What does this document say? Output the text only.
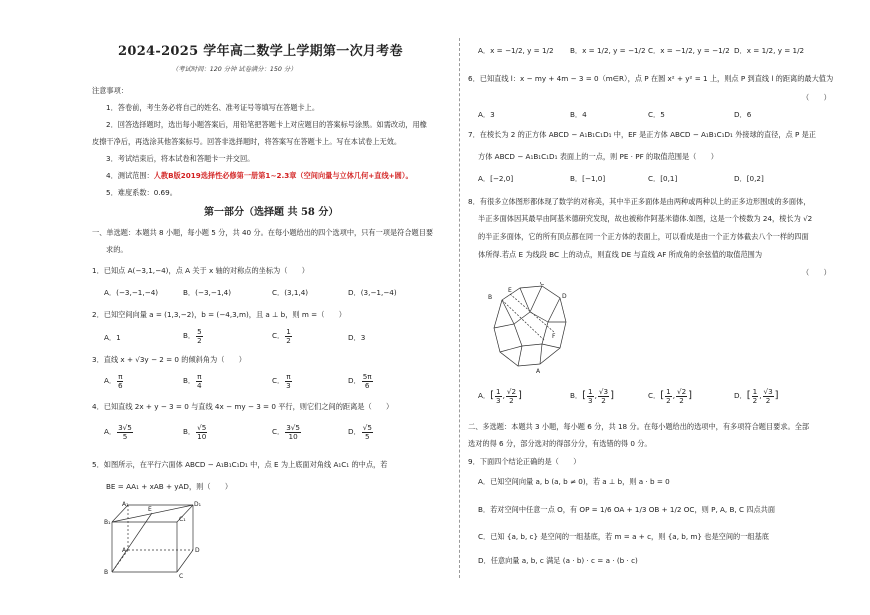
2024-2025 学年高二数学上学期第一次月考卷
（考试时间：120 分钟 试卷满分：150 分）
注意事项：
1．答卷前，考生务必将自己的姓名、准考证号等填写在答题卡上。
2．回答选择题时，选出每小题答案后，用铅笔把答题卡上对应题目的答案标号涂黑。如需改动，用橡
皮擦干净后，再选涂其他答案标号。回答非选择题时，将答案写在答题卡上。写在本试卷上无效。
3．考试结束后，将本试卷和答题卡一并交回。
4．测试范围：人教B版2019选择性必修第一册第1~2.3章（空间向量与立体几何+直线+圆）。
5．难度系数：0.69。
第一部分（选择题 共 58 分）
一、单选题：本题共 8 小题，每小题 5 分，共 40 分。在每小题给出的四个选项中，只有一项是符合题目要
求的。
1．已知点 A(−3,1,−4)，点 A 关于 x 轴的对称点的坐标为（　　）
A．(−3,−1,−4)	B．(−3,−1,4)	C．(3,1,4)	D．(3,−1,−4)
2．已知空间向量 a = (1,3,−2)，b = (−4,3,m)，且 a ⊥ b，则 m =（　　）
A．1	B． $\frac{5}{2}$	C． $\frac{1}{2}$	D．3
3．直线 x + √3y − 2 = 0 的倾斜角为（　　）
A． $\frac{\pi}{6}$	B． $\frac{\pi}{4}$	C． $\frac{\pi}{3}$	D． $\frac{5\pi}{6}$
4．已知直线 2x + y − 3 = 0 与直线 4x − my − 3 = 0 平行，则它们之间的距离是（　　）
A． $\frac{3√5}{5}$	B． $\frac{√5}{10}$	C． $\frac{3√5}{10}$	D． $\frac{√5}{5}$
5．如图所示，在平行六面体 ABCD − A₁B₁C₁D₁ 中，点 E 为上底面对角线 A₁C₁ 的中点，若
BE = AA₁ + xAB + yAD，则（　　）
D₁
A₁
E
C₁
B₁
D
A
B
C
A．x = −1/2, y = 1/2 B．x = 1/2, y = −1/2 C．x = −1/2, y = −1/2 D．x = 1/2, y = 1/2
6．已知直线 l：x − my + 4m − 3 = 0（m∈R），点 P 在圆 x² + y² = 1 上，则点 P 到直线 l 的距离的最大值为
（　　）
A．3	B．4	C．5	D．6
7．在棱长为 2 的正方体 ABCD − A₁B₁C₁D₁ 中，EF 是正方体 ABCD − A₁B₁C₁D₁ 外接球的直径，点 P 是正
方体 ABCD − A₁B₁C₁D₁ 表面上的一点，则 PE · PF 的取值范围是（　　）
A．[−2,0]	B．[−1,0]	C．[0,1]	D．[0,2]
8．有很多立体图形都体现了数学的对称美，其中半正多面体是由两种或两种以上的正多边形围成的多面体，
半正多面体因其最早由阿基米德研究发现，故也被称作阿基米德体.如图，这是一个棱数为 24，棱长为 √2
的半正多面体，它的所有顶点都在同一个正方体的表面上，可以看成是由一个正方体截去八个一样的四面
体所得.若点 E 为线段 BC 上的动点，则直线 DE 与直线 AF 所成角的余弦值的取值范围为
（　　）
B
E
C
D
F
A
A．[ $\frac{1}{3}$ , $\frac{√2}{2}$ ]	B．[ $\frac{1}{3}$ , $\frac{√3}{2}$ ]	C．[ $\frac{1}{2}$ , $\frac{√2}{2}$ ]	D．[ $\frac{1}{2}$ , $\frac{√3}{2}$ ]
二、多选题：本题共 3 小题，每小题 6 分，共 18 分。在每小题给出的选项中，有多项符合题目要求。全部
选对的得 6 分，部分选对的得部分分，有选错的得 0 分。
9．下面四个结论正确的是（　　）
A．已知空间向量 a, b (a, b ≠ 0)，若 a ⊥ b，则 a · b = 0
B．若对空间中任意一点 O，有 OP = 1/6 OA + 1/3 OB + 1/2 OC，则 P, A, B, C 四点共面
C．已知 {a, b, c} 是空间的一组基底，若 m = a + c，则 {a, b, m} 也是空间的一组基底
D．任意向量 a, b, c 满足 (a · b) · c = a · (b · c)
